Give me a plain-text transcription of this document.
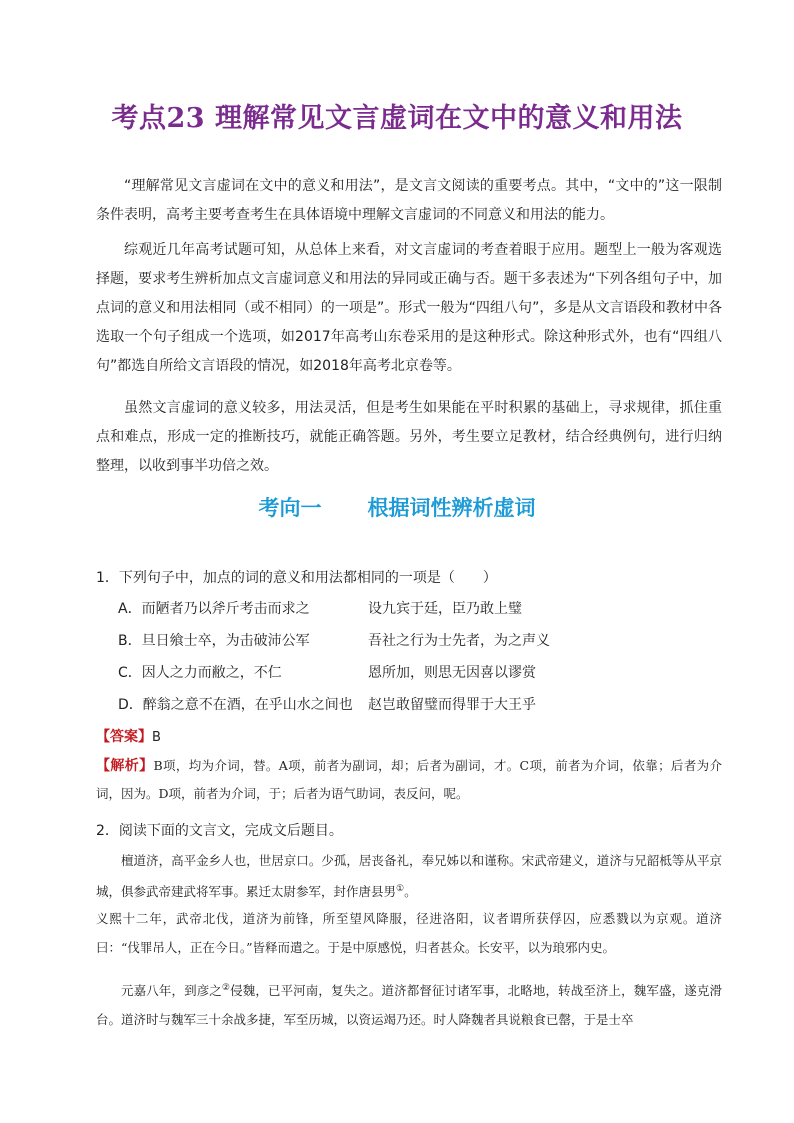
考点23 理解常见文言虚词在文中的意义和用法

“理解常见文言虚词在文中的意义和用法”，是文言文阅读的重要考点。其中，“文中的”这一限制条件表明，高考主要考查考生在具体语境中理解文言虚词的不同意义和用法的能力。

综观近几年高考试题可知，从总体上来看，对文言虚词的考查着眼于应用。题型上一般为客观选择题，要求考生辨析加点文言虚词意义和用法的异同或正确与否。题干多表述为“下列各组句子中，加点词的意义和用法相同（或不相同）的一项是”。形式一般为“四组八句”，多是从文言语段和教材中各选取一个句子组成一个选项，如2017年高考山东卷采用的是这种形式。除这种形式外，也有“四组八句”都选自所给文言语段的情况，如2018年高考北京卷等。

虽然文言虚词的意义较多，用法灵活，但是考生如果能在平时积累的基础上，寻求规律，抓住重点和难点，形成一定的推断技巧，就能正确答题。另外，考生要立足教材，结合经典例句，进行归纳整理，以收到事半功倍之效。

考向一 根据词性辨析虚词
1．下列句子中，加点的词的意义和用法都相同的一项是（　　）
A．而陋者乃以斧斤考击而求之	设九宾于廷，臣乃敢上璧
B．旦日飨士卒，为击破沛公军	吾社之行为士先者，为之声义
C．因人之力而敝之，不仁	恩所加，则思无因喜以谬赏
D．醉翁之意不在酒，在乎山水之间也 赵岂敢留璧而得罪于大王乎
【答案】B

【解析】B项，均为介词，替。A项，前者为副词，却；后者为副词，才。C项，前者为介词，依靠；后者为介词，因为。D项，前者为介词，于；后者为语气助词，表反问，呢。

2．阅读下面的文言文，完成文后题目。

檀道济，高平金乡人也，世居京口。少孤，居丧备礼，奉兄姊以和谨称。宋武帝建义，道济与兄韶柢等从平京城，俱参武帝建武将军事。累迁太尉参军，封作唐县男①。

义熙十二年，武帝北伐，道济为前锋，所至望风降服，径进洛阳，议者谓所获俘囚，应悉戮以为京观。道济曰：“伐罪吊人，正在今日。”皆释而遣之。于是中原感悦，归者甚众。长安平，以为琅邪内史。

元嘉八年，到彦之②侵魏，已平河南，复失之。道济都督征讨诸军事，北略地，转战至济上，魏军盛，遂克滑台。道济时与魏军三十余战多捷，军至历城，以资运竭乃还。时人降魏者具说粮食已罄，于是士卒
